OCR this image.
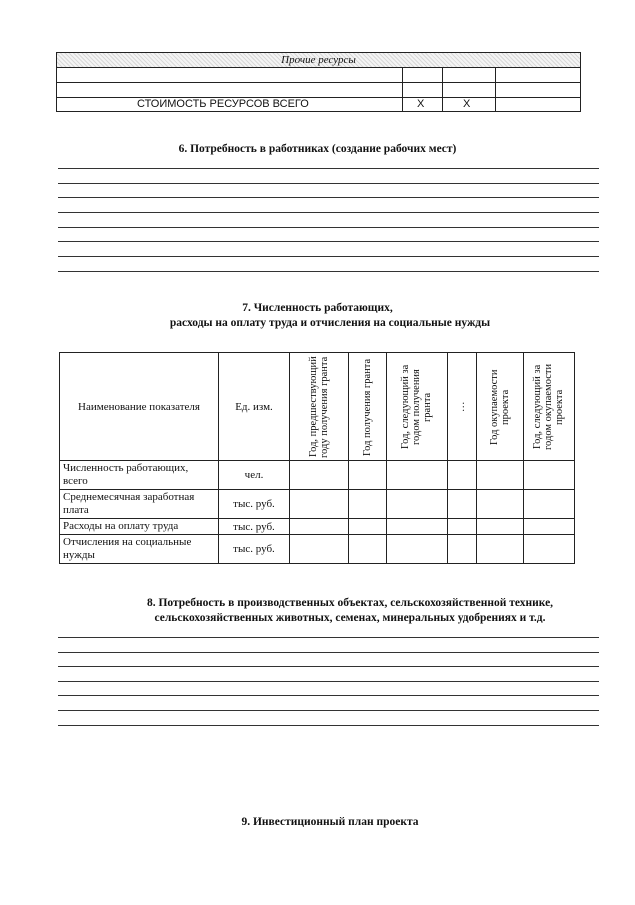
Прочие ресурсы
СТОИМОСТЬ РЕСУРСОВ ВСЕГО	Х	Х
6. Потребность в работниках (создание рабочих мест)
7. Численность работающих,
расходы на оплату труда и отчисления на социальные нужды
Наименование показателя	Ед. изм.	Год, предшествующий году получения гранта	Год получения гранта	Год, следующий за годом получения гранта	…	Год окупаемости проекта	Год, следующий за годом окупаемости проекта

Численность работающих, всего	чел.						
Среднемесячная заработная плата	тыс. руб.						
Расходы на оплату труда	тыс. руб.						
Отчисления на социальные нужды	тыс. руб.						
8. Потребность в производственных объектах, сельскохозяйственной технике,
сельскохозяйственных животных, семенах, минеральных удобрениях и т.д.
9. Инвестиционный план проекта
